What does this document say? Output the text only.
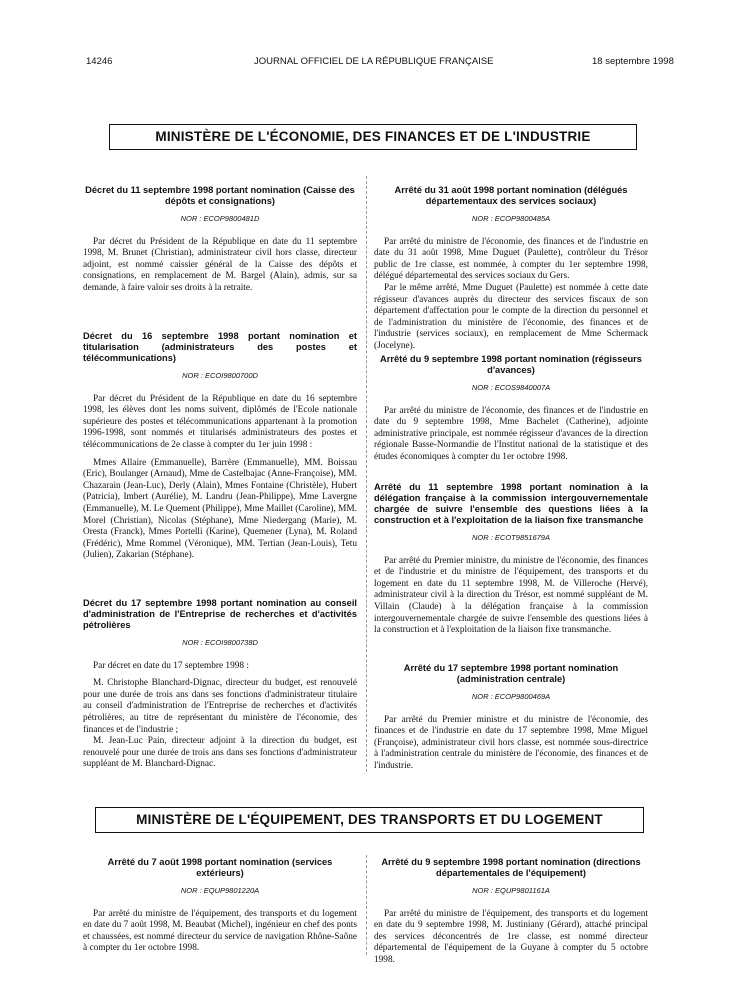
14246	JOURNAL OFFICIEL DE LA RÉPUBLIQUE FRANÇAISE	18 septembre 1998
MINISTÈRE DE L'ÉCONOMIE, DES FINANCES ET DE L'INDUSTRIE
Décret du 11 septembre 1998 portant nomination (Caisse des dépôts et consignations)
NOR : ECOP9800481D

Par décret du Président de la République en date du 11 septembre 1998, M. Brunet (Christian), administrateur civil hors classe, directeur adjoint, est nommé caissier général de la Caisse des dépôts et consignations, en remplacement de M. Bargel (Alain), admis, sur sa demande, à faire valoir ses droits à la retraite.

Décret du 16 septembre 1998 portant nomination et titularisation (administrateurs des postes et télécommunications)
NOR : ECOI9800700D

Par décret du Président de la République en date du 16 septembre 1998, les élèves dont les noms suivent, diplômés de l'Ecole nationale supérieure des postes et télécommunications appartenant à la promotion 1996-1998, sont nommés et titularisés administrateurs des postes et télécommunications de 2e classe à compter du 1er juin 1998 :

Mmes Allaire (Emmanuelle), Barrère (Emmanuelle), MM. Boissau (Eric), Boulanger (Arnaud), Mme de Castelbajac (Anne-Françoise), MM. Chazarain (Jean-Luc), Derly (Alain), Mmes Fontaine (Christèle), Hubert (Patricia), Imbert (Aurélie), M. Landru (Jean-Philippe), Mme Lavergne (Emmanuelle), M. Le Quement (Philippe), Mme Maillet (Caroline), MM. Morel (Christian), Nicolas (Stéphane), Mme Niedergang (Marie), M. Oresta (Franck), Mmes Portelli (Karine), Quemener (Lyna), M. Roland (Frédéric), Mme Rommel (Véronique), MM. Tertian (Jean-Louis), Tetu (Julien), Zakarian (Stéphane).

Décret du 17 septembre 1998 portant nomination au conseil d'administration de l'Entreprise de recherches et d'activités pétrolières
NOR : ECOI9800738D

Par décret en date du 17 septembre 1998 :

M. Christophe Blanchard-Dignac, directeur du budget, est renouvelé pour une durée de trois ans dans ses fonctions d'administrateur titulaire au conseil d'administration de l'Entreprise de recherches et d'activités pétrolières, au titre de représentant du ministère de l'économie, des finances et de l'industrie ;

M. Jean-Luc Pain, directeur adjoint à la direction du budget, est renouvelé pour une durée de trois ans dans ses fonctions d'administrateur suppléant de M. Blanchard-Dignac.

Arrêté du 31 août 1998 portant nomination (délégués départementaux des services sociaux)
NOR : ECOP9800485A

Par arrêté du ministre de l'économie, des finances et de l'industrie en date du 31 août 1998, Mme Duguet (Paulette), contrôleur du Trésor public de 1re classe, est nommée, à compter du 1er septembre 1998, délégué départemental des services sociaux du Gers.

Par le même arrêté, Mme Duguet (Paulette) est nommée à cette date régisseur d'avances auprès du directeur des services fiscaux de son département d'affectation pour le compte de la direction du personnel et de l'administration du ministère de l'économie, des finances et de l'industrie (services sociaux), en remplacement de Mme Schermack (Jocelyne).

Arrêté du 9 septembre 1998 portant nomination (régisseurs d'avances)
NOR : ECOS9840007A

Par arrêté du ministre de l'économie, des finances et de l'industrie en date du 9 septembre 1998, Mme Bachelet (Catherine), adjointe administrative principale, est nommée régisseur d'avances de la direction régionale Basse-Normandie de l'Institut national de la statistique et des études économiques à compter du 1er octobre 1998.

Arrêté du 11 septembre 1998 portant nomination à la délégation française à la commission intergouvernementale chargée de suivre l'ensemble des questions liées à la construction et à l'exploitation de la liaison fixe transmanche
NOR : ECOT9851679A

Par arrêté du Premier ministre, du ministre de l'économie, des finances et de l'industrie et du ministre de l'équipement, des transports et du logement en date du 11 septembre 1998, M. de Villeroche (Hervé), administrateur civil à la direction du Trésor, est nommé suppléant de M. Villain (Claude) à la délégation française à la commission intergouvernementale chargée de suivre l'ensemble des questions liées à la construction et à l'exploitation de la liaison fixe transmanche.

Arrêté du 17 septembre 1998 portant nomination (administration centrale)
NOR : ECOP9800469A

Par arrêté du Premier ministre et du ministre de l'économie, des finances et de l'industrie en date du 17 septembre 1998, Mme Miguel (Françoise), administrateur civil hors classe, est nommée sous-directrice à l'administration centrale du ministère de l'économie, des finances et de l'industrie.

MINISTÈRE DE L'ÉQUIPEMENT, DES TRANSPORTS ET DU LOGEMENT
Arrêté du 7 août 1998 portant nomination (services extérieurs)
NOR : EQUP9801220A

Par arrêté du ministre de l'équipement, des transports et du logement en date du 7 août 1998, M. Beaubat (Michel), ingénieur en chef des ponts et chaussées, est nommé directeur du service de navigation Rhône-Saône à compter du 1er octobre 1998.

Arrêté du 9 septembre 1998 portant nomination (directions départementales de l'équipement)
NOR : EQUP9801161A

Par arrêté du ministre de l'équipement, des transports et du logement en date du 9 septembre 1998, M. Justiniany (Gérard), attaché principal des services déconcentrés de 1re classe, est nommé directeur départemental de l'équipement de la Guyane à compter du 5 octobre 1998.
